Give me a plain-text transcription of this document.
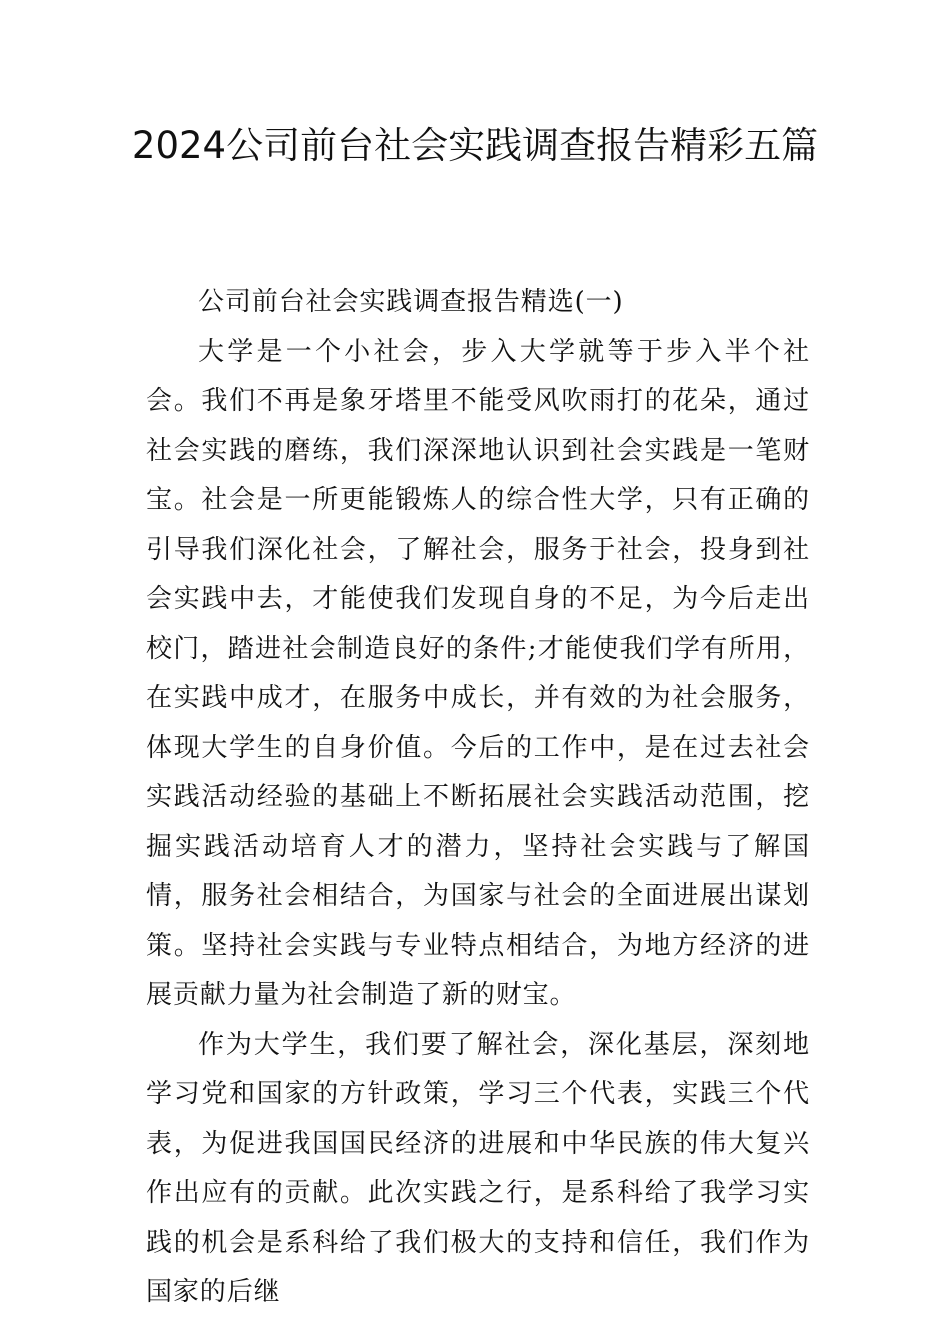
2024公司前台社会实践调查报告精彩五篇

公司前台社会实践调查报告精选(一)

大学是一个小社会，步入大学就等于步入半个社会。我们不再是象牙塔里不能受风吹雨打的花朵，通过社会实践的磨练，我们深深地认识到社会实践是一笔财宝。社会是一所更能锻炼人的综合性大学，只有正确的引导我们深化社会，了解社会，服务于社会，投身到社会实践中去，才能使我们发现自身的不足，为今后走出校门，踏进社会制造良好的条件;才能使我们学有所用，在实践中成才，在服务中成长，并有效的为社会服务，体现大学生的自身价值。今后的工作中，是在过去社会实践活动经验的基础上不断拓展社会实践活动范围，挖掘实践活动培育人才的潜力，坚持社会实践与了解国情，服务社会相结合，为国家与社会的全面进展出谋划策。坚持社会实践与专业特点相结合，为地方经济的进展贡献力量为社会制造了新的财宝。

作为大学生，我们要了解社会，深化基层，深刻地学习党和国家的方针政策，学习三个代表，实践三个代表，为促进我国国民经济的进展和中华民族的伟大复兴作出应有的贡献。此次实践之行，是系科给了我学习实践的机会是系科给了我们极大的支持和信任，我们作为国家的后继
